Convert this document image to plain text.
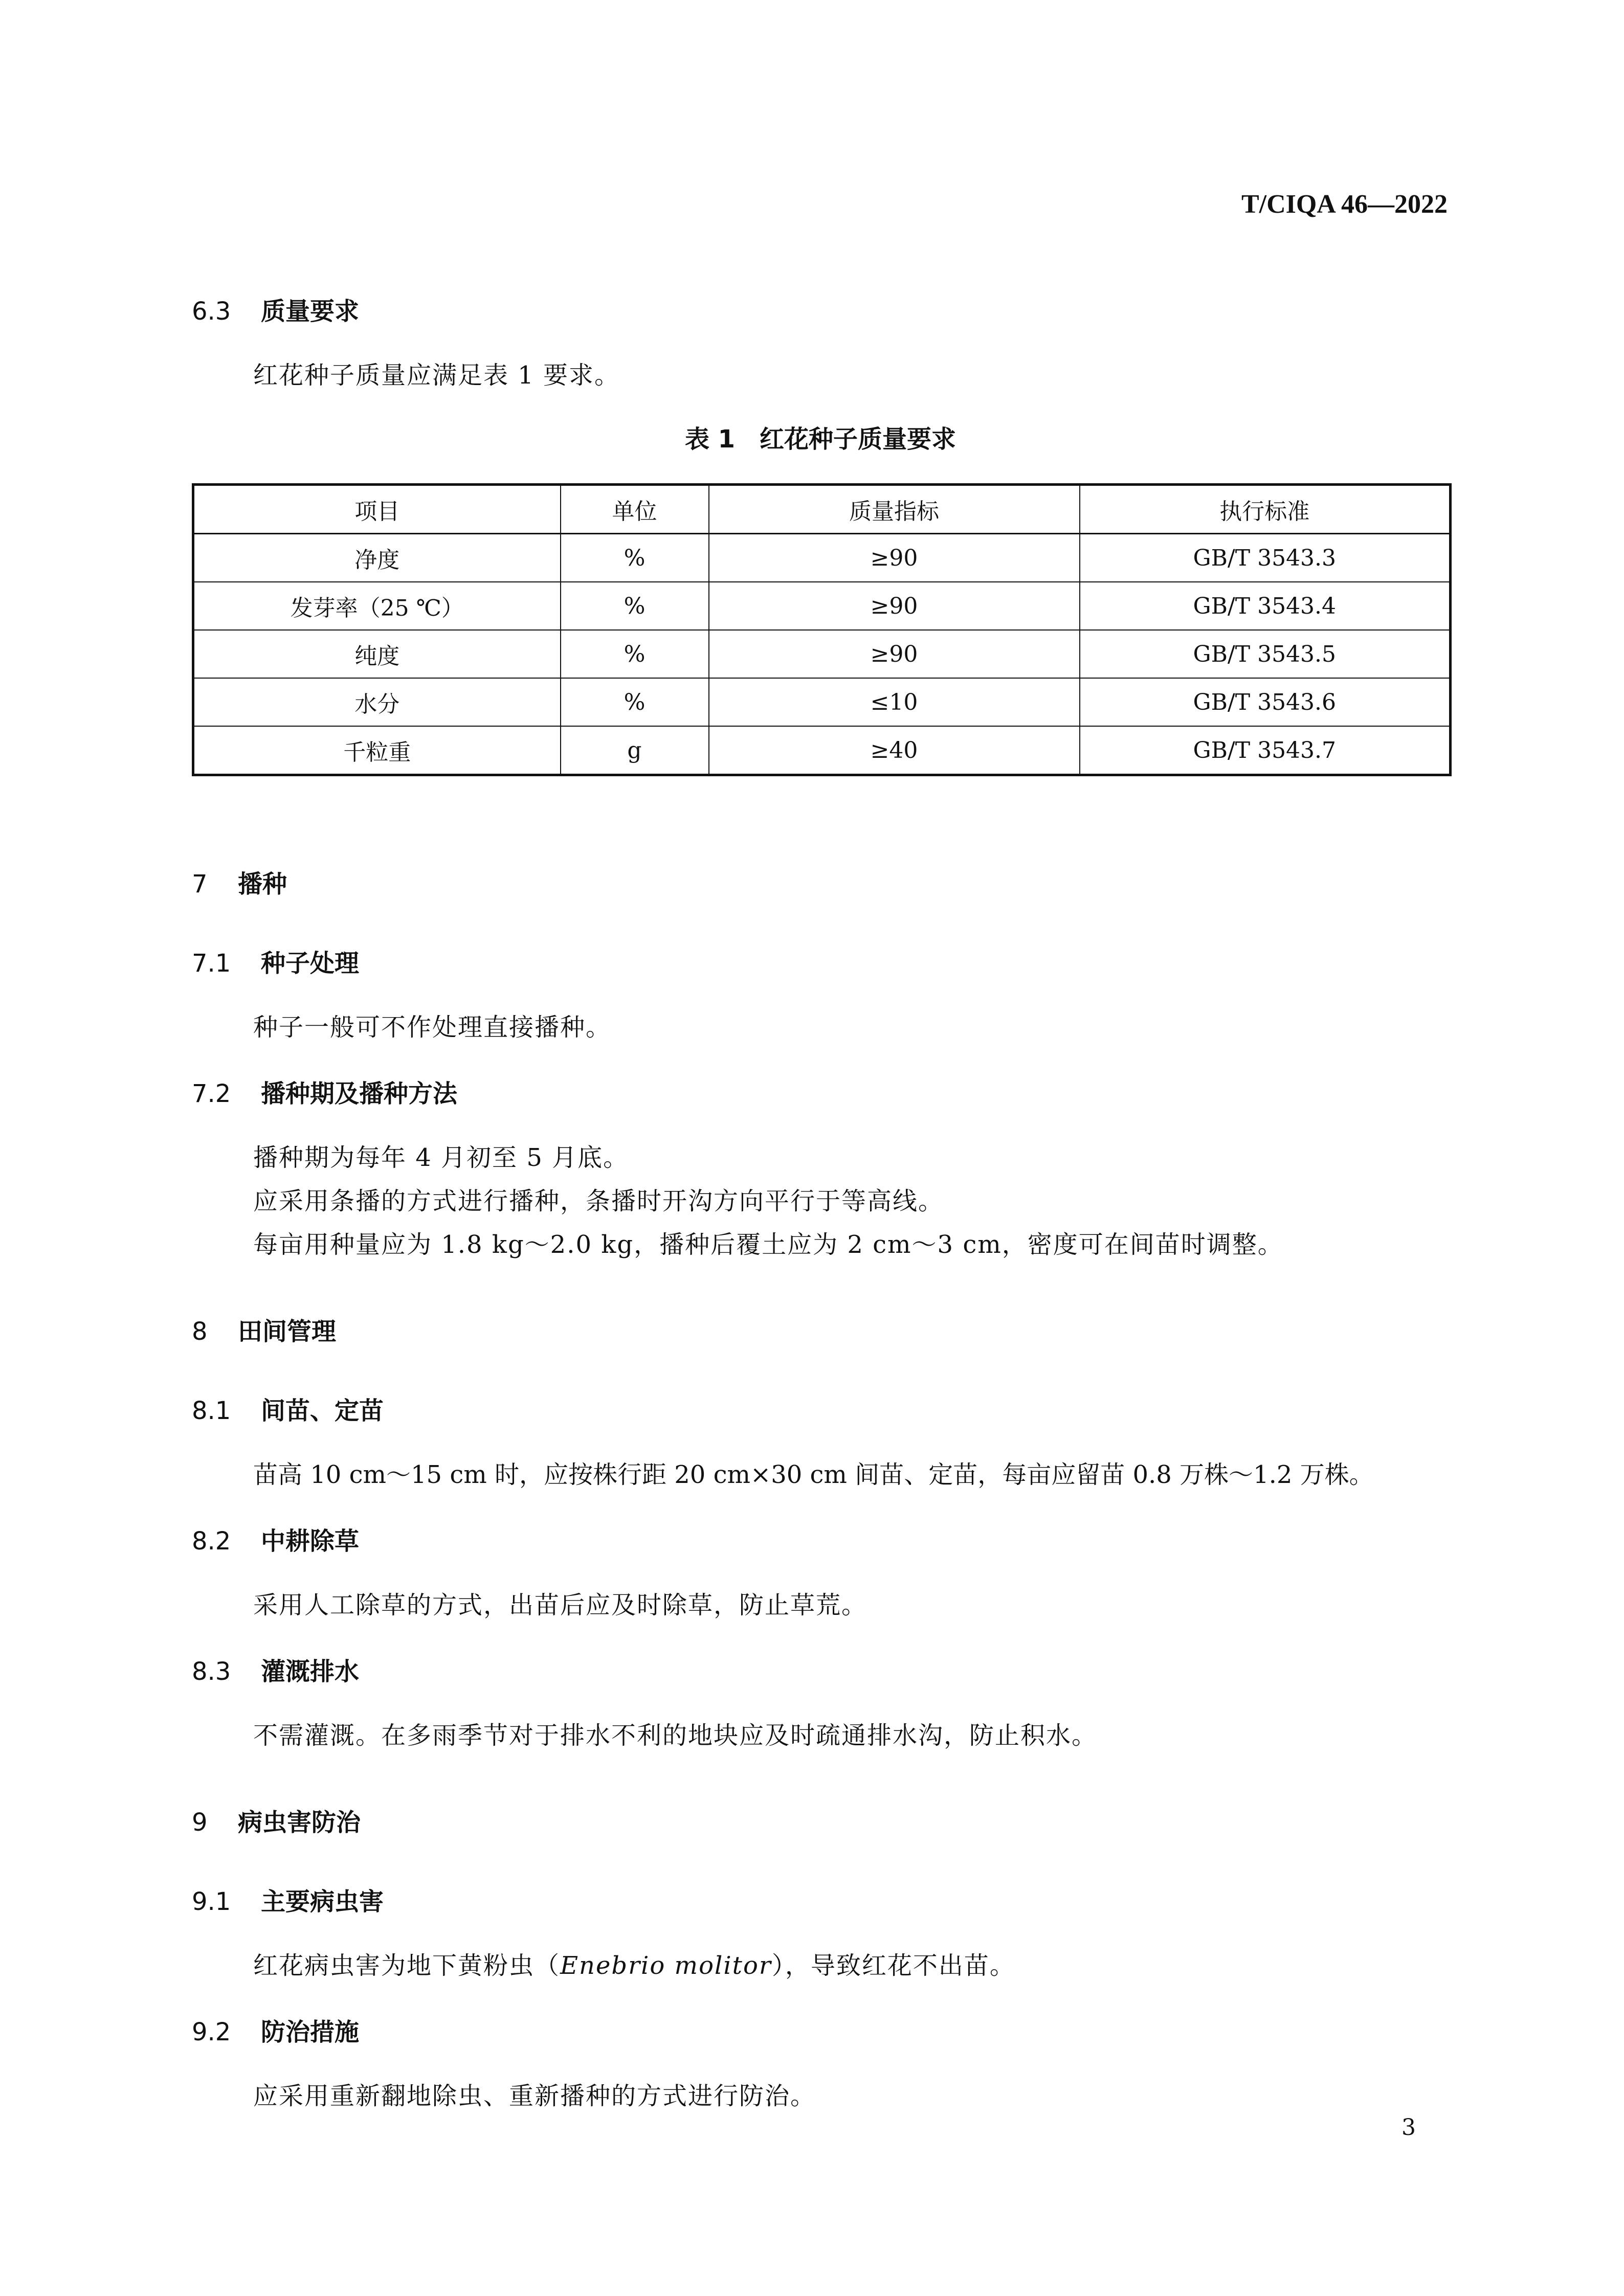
T/CIQA 46—2022
6.3 质量要求
红花种子质量应满足表 1 要求。
表 1　红花种子质量要求
项目	单位	质量指标	执行标准
净度	%	≥90	GB/T 3543.3
发芽率（25 ℃）	%	≥90	GB/T 3543.4
纯度	%	≥90	GB/T 3543.5
水分	%	≤10	GB/T 3543.6
千粒重	g	≥40	GB/T 3543.7
7 播种
7.1 种子处理
种子一般可不作处理直接播种。
7.2 播种期及播种方法
播种期为每年 4 月初至 5 月底。
应采用条播的方式进行播种，条播时开沟方向平行于等高线。
每亩用种量应为 1.8 kg～2.0 kg，播种后覆土应为 2 cm～3 cm，密度可在间苗时调整。
8 田间管理
8.1 间苗、定苗
苗高 10 cm～15 cm 时，应按株行距 20 cm×30 cm 间苗、定苗，每亩应留苗 0.8 万株～1.2 万株。
8.2 中耕除草
采用人工除草的方式，出苗后应及时除草，防止草荒。
8.3 灌溉排水
不需灌溉。在多雨季节对于排水不利的地块应及时疏通排水沟，防止积水。
9 病虫害防治
9.1 主要病虫害
红花病虫害为地下黄粉虫（Enebrio molitor），导致红花不出苗。
9.2 防治措施
应采用重新翻地除虫、重新播种的方式进行防治。
3
